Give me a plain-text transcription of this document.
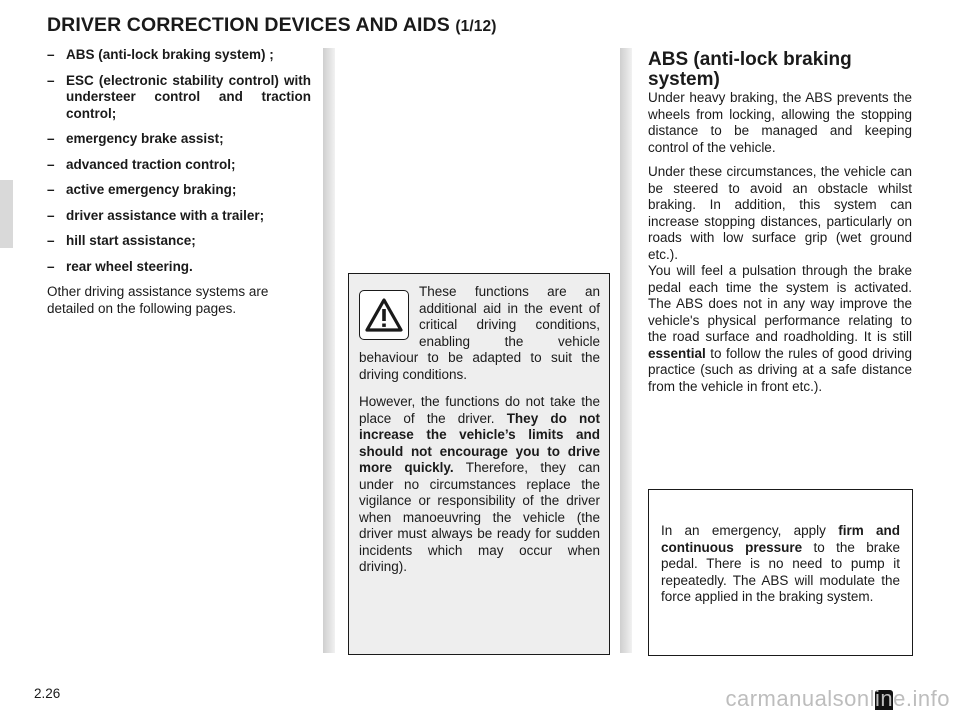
DRIVER CORRECTION DEVICES AND AIDS (1/12)
– ABS (anti-lock braking system) ;
– ESC (electronic stability control) with understeer control and traction control;
– emergency brake assist;
– advanced traction control;
– active emergency braking;
– driver assistance with a trailer;
– hill start assistance;
– rear wheel steering.

Other driving assistance systems are detailed on the following pages.

These functions are an additional aid in the event of critical driving conditions, enabling the vehicle behaviour to be adapted to suit the driving conditions.

However, the functions do not take the place of the driver. They do not increase the vehicle’s limits and should not encourage you to drive more quickly. Therefore, they can under no circumstances replace the vigilance or responsibility of the driver when manoeuvring the vehicle (the driver must always be ready for sudden incidents which may occur when driving).

ABS (anti-lock braking system)

Under heavy braking, the ABS prevents the wheels from locking, allowing the stopping distance to be managed and keeping control of the vehicle.

Under these circumstances, the vehicle can be steered to avoid an obstacle whilst braking. In addition, this system can increase stopping distances, particularly on roads with low surface grip (wet ground etc.).

You will feel a pulsation through the brake pedal each time the system is activated. The ABS does not in any way improve the vehicle's physical performance relating to the road surface and roadholding. It is still essential to follow the rules of good driving practice (such as driving at a safe distance from the vehicle in front etc.).

In an emergency, apply firm and continuous pressure to the brake pedal. There is no need to pump it repeatedly. The ABS will modulate the force applied in the braking system.

2.26	carmanualsonline.info
